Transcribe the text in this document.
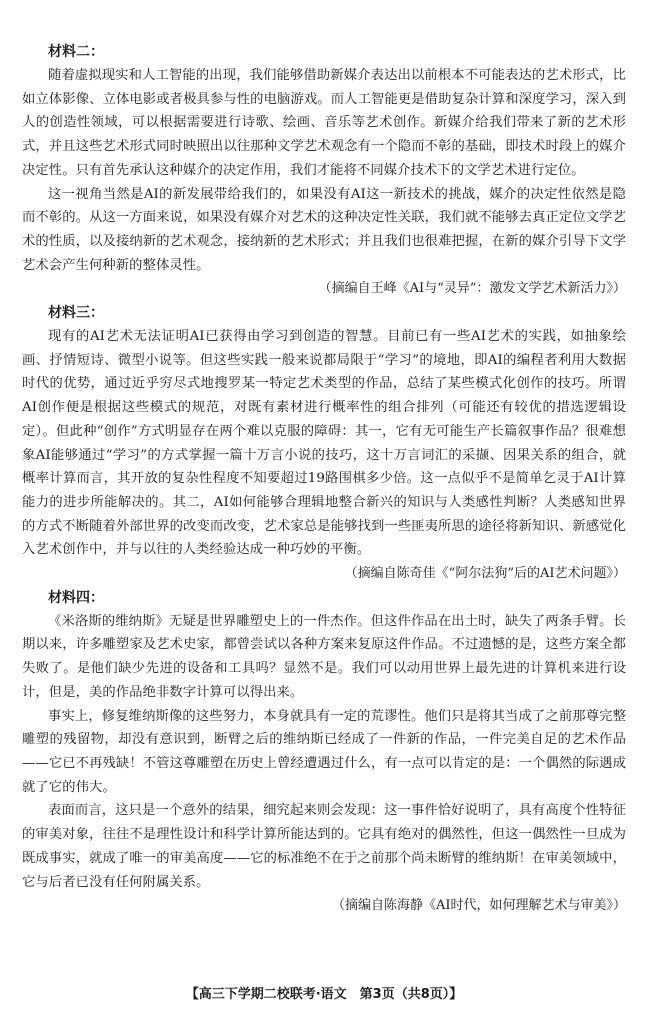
材料二：

随着虚拟现实和人工智能的出现，我们能够借助新媒介表达出以前根本不可能表达的艺术形式，比如立体影像、立体电影或者极具参与性的电脑游戏。而人工智能更是借助复杂计算和深度学习，深入到人的创造性领域，可以根据需要进行诗歌、绘画、音乐等艺术创作。新媒介给我们带来了新的艺术形式，并且这些艺术形式同时映照出以往那种文学艺术观念有一个隐而不彰的基础，即技术时段上的媒介决定性。只有首先承认这种媒介的决定作用，我们才能将不同媒介技术下的文学艺术进行定位。

这一视角当然是AI的新发展带给我们的，如果没有AI这一新技术的挑战，媒介的决定性依然是隐而不彰的。从这一方面来说，如果没有媒介对艺术的这种决定性关联，我们就不能够去真正定位文学艺术的性质，以及接纳新的艺术观念，接纳新的艺术形式；并且我们也很难把握，在新的媒介引导下文学艺术会产生何种新的整体灵性。

（摘编自王峰《AI与“灵异”：激发文学艺术新活力》）

材料三：

现有的AI艺术无法证明AI已获得由学习到创造的智慧。目前已有一些AI艺术的实践，如抽象绘画、抒情短诗、微型小说等。但这些实践一般来说都局限于“学习”的境地，即AI的编程者利用大数据时代的优势，通过近乎穷尽式地搜罗某一特定艺术类型的作品，总结了某些模式化创作的技巧。所谓AI创作便是根据这些模式的规范，对既有素材进行概率性的组合排列（可能还有较优的措选逻辑设定）。但此种“创作”方式明显存在两个难以克服的障碍：其一，它有无可能生产长篇叙事作品？很难想象AI能够通过“学习”的方式掌握一篇十万言小说的技巧，这十万言词汇的采撷、因果关系的组合，就概率计算而言，其开放的复杂性程度不知要超过19路围棋多少倍。这一点似乎不是简单乞灵于AI计算能力的进步所能解决的。其二，AI如何能够合理辑地整合新兴的知识与人类感性判断？人类感知世界的方式不断随着外部世界的改变而改变，艺术家总是能够找到一些匪夷所思的途径将新知识、新感觉化入艺术创作中，并与以往的人类经验达成一种巧妙的平衡。

（摘编自陈奇佳《“阿尔法狗”后的AI艺术问题》）

材料四：

《米洛斯的维纳斯》无疑是世界雕塑史上的一件杰作。但这件作品在出土时，缺失了两条手臂。长期以来，许多雕塑家及艺术史家，都曾尝试以各种方案来复原这件作品。不过遗憾的是，这些方案全都失败了。是他们缺少先进的设备和工具吗？显然不是。我们可以动用世界上最先进的计算机来进行设计，但是，美的作品绝非数字计算可以得出来。

事实上，修复维纳斯像的这些努力，本身就具有一定的荒谬性。他们只是将其当成了之前那尊完整雕塑的残留物，却没有意识到，断臂之后的维纳斯已经成了一件新的作品，一件完美自足的艺术作品——它已不再残缺！不管这尊雕塑在历史上曾经遭遇过什么，有一点可以肯定的是：一个偶然的际遇成就了它的伟大。

表面而言，这只是一个意外的结果，细究起来则会发现：这一事件恰好说明了，具有高度个性特征的审美对象，往往不是理性设计和科学计算所能达到的。它具有绝对的偶然性，但这一偶然性一旦成为既成事实，就成了唯一的审美高度——它的标准绝不在于之前那个尚未断臂的维纳斯！在审美领域中，它与后者已没有任何附属关系。

（摘编自陈海静《AI时代，如何理解艺术与审美》）

【高三下学期二校联考·语文　第3页（共8页）】
